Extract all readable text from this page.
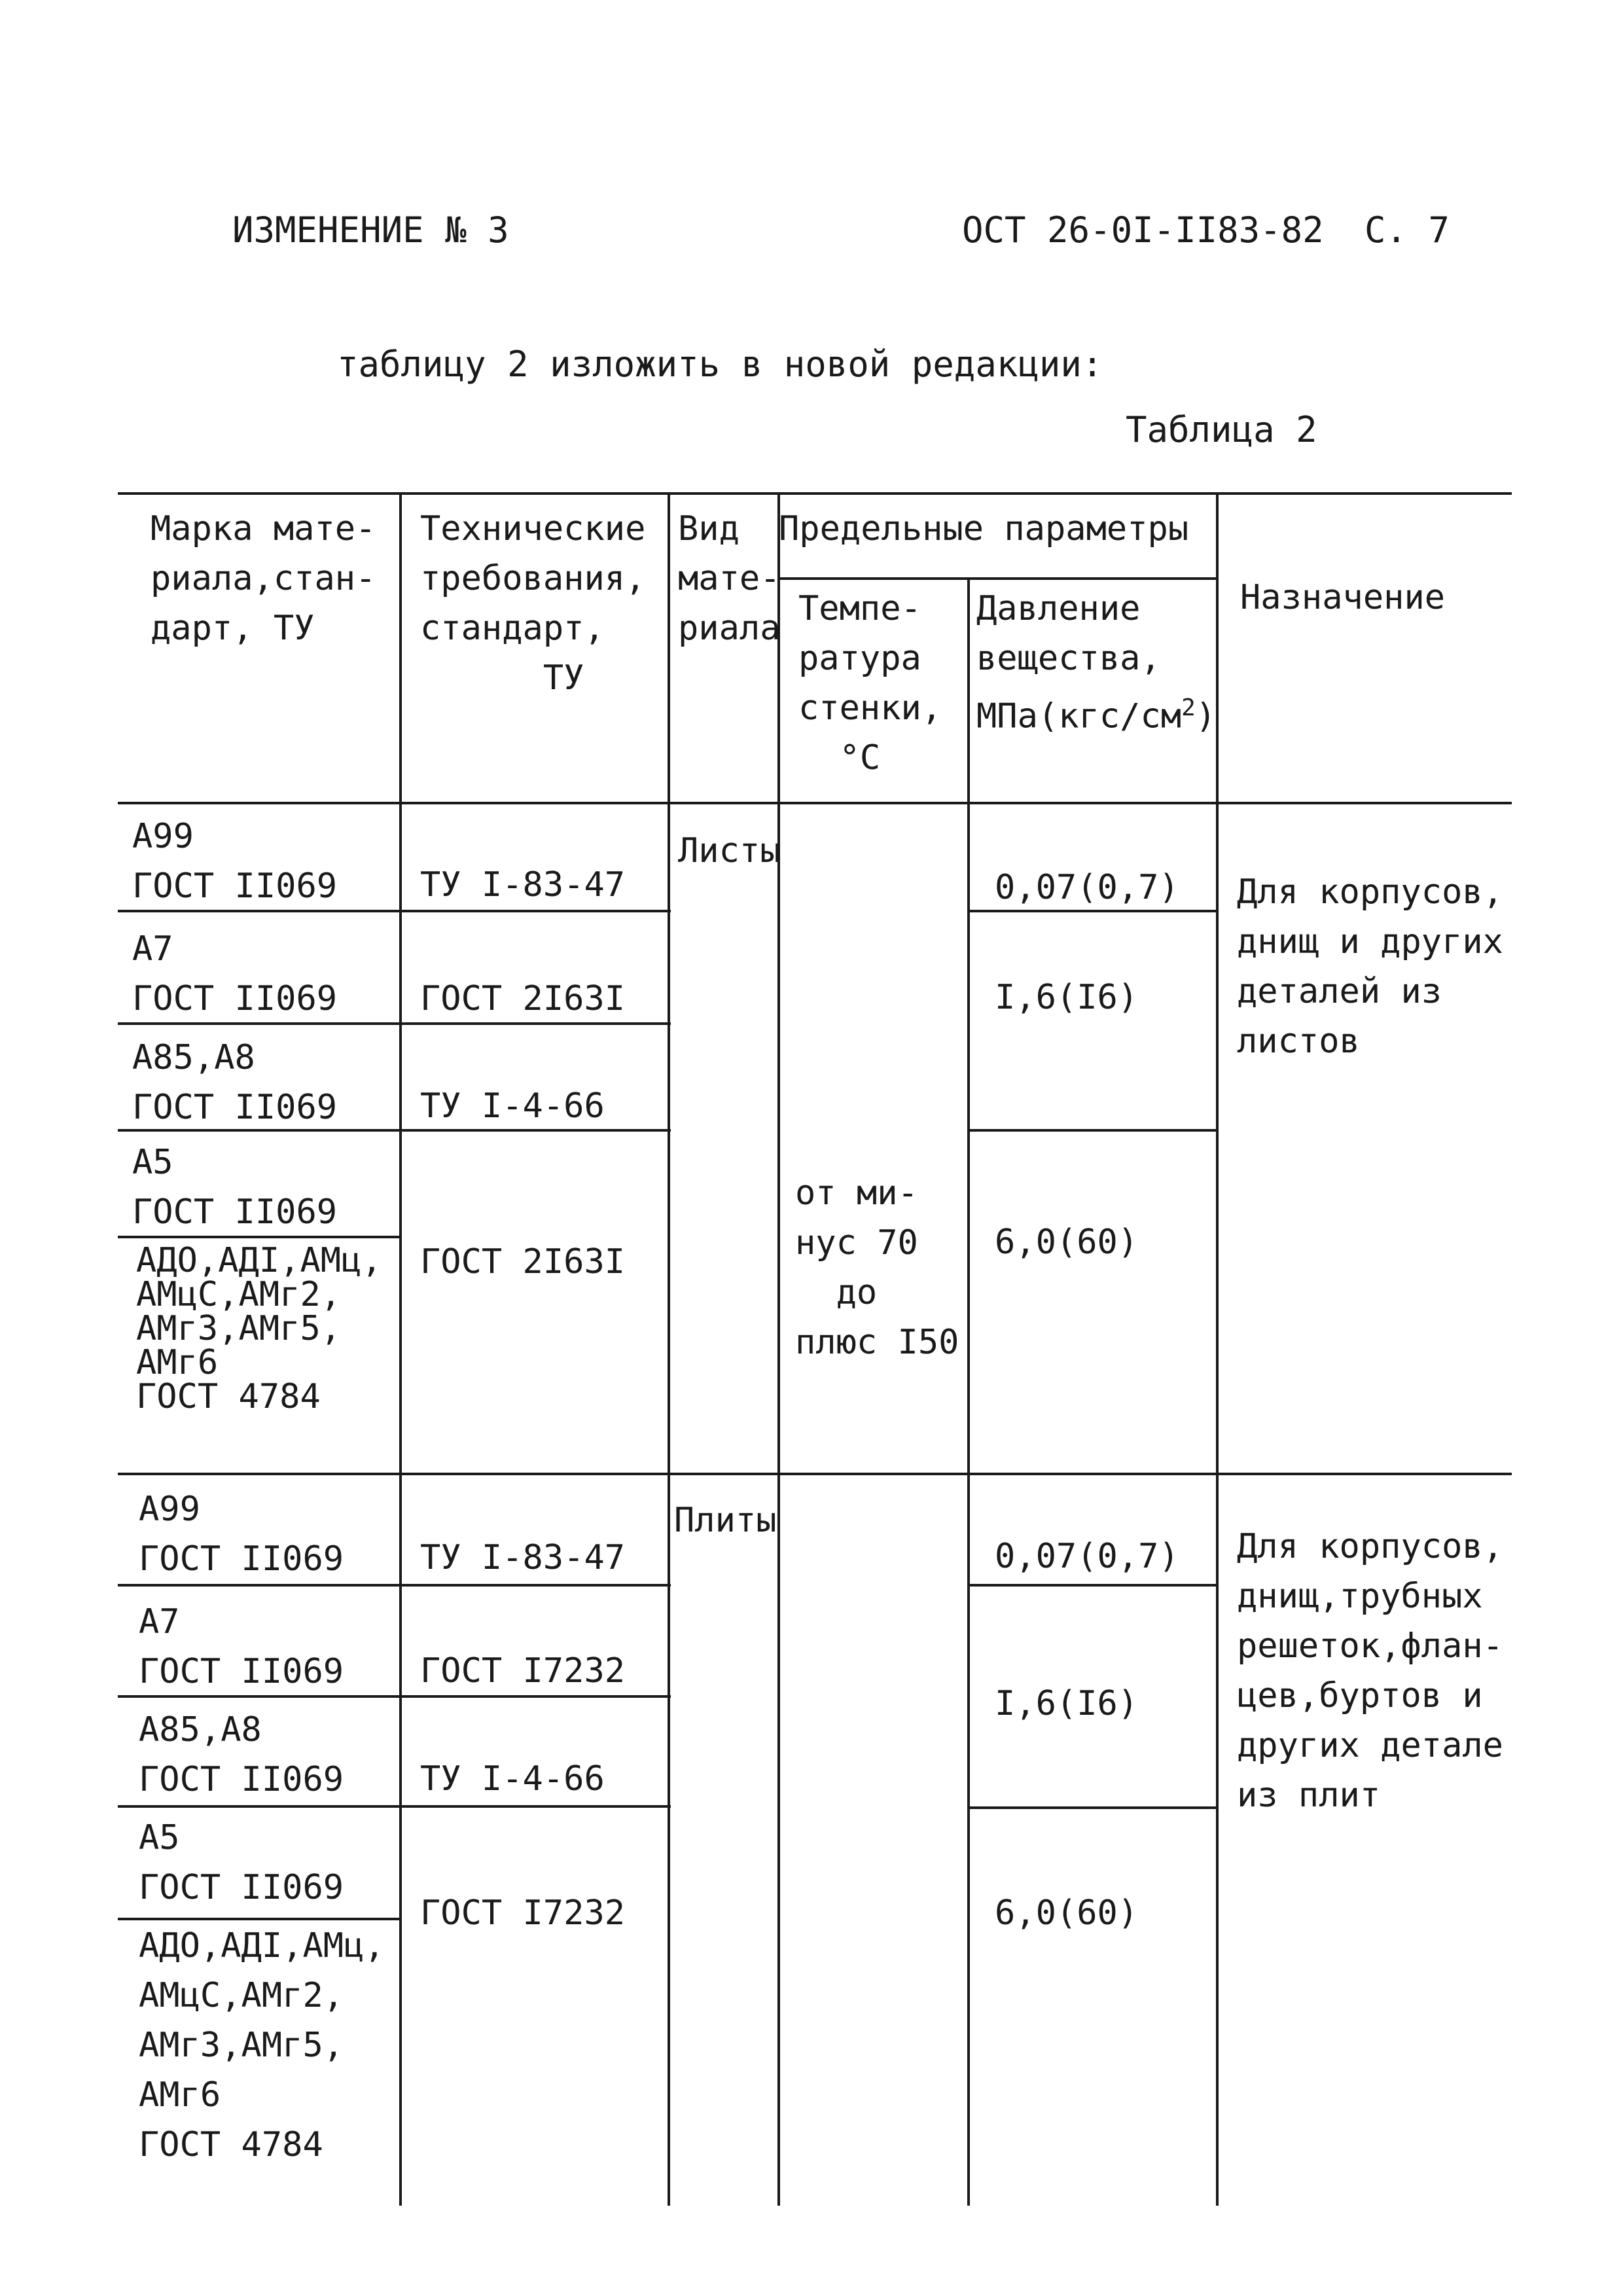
ИЗМЕНЕНИЕ № 3	ОСТ 26-0I-II83-82 С. 7
таблицу 2 изложить в новой редакции:
Таблица 2
Марка мате-
риала,стан-
дарт, ТУ
Технические
требования,
стандарт,
ТУ
Вид
мате-
риала
Предельные параметры
Темпе-
ратура
стенки,
°С
Давление
вещества,
$МПа(кгс/см^2)$
Назначение
Листы
Для корпусов,
днищ и других
деталей из
листов
А99
ГОСТ II069 ТУ I-83-47
А7
ГОСТ II069 ГОСТ 2I63I
А85,А8
ГОСТ II069 ТУ I-4-66
А5
ГОСТ II069
ГОСТ 2I63I
АДО,АДI,АМц,
АМцС,АМг2,
АМг3,АМг5,
АМг6
ГОСТ 4784
0,07(0,7)
I,6(I6)
6,0(60)
от ми-
нус 70
до
плюс I50
Плиты
Для корпусов,
днищ,трубных
решеток,флан-
цев,буртов и
других детале
из плит
А99
ГОСТ II069 ТУ I-83-47
А7
ГОСТ II069 ГОСТ I7232
А85,А8
ГОСТ II069 ТУ I-4-66
А5
ГОСТ II069
ГОСТ I7232
АДО,АДI,АМц,
АМцС,АМг2,
АМг3,АМг5,
АМг6
ГОСТ 4784
0,07(0,7)
I,6(I6)
6,0(60)
